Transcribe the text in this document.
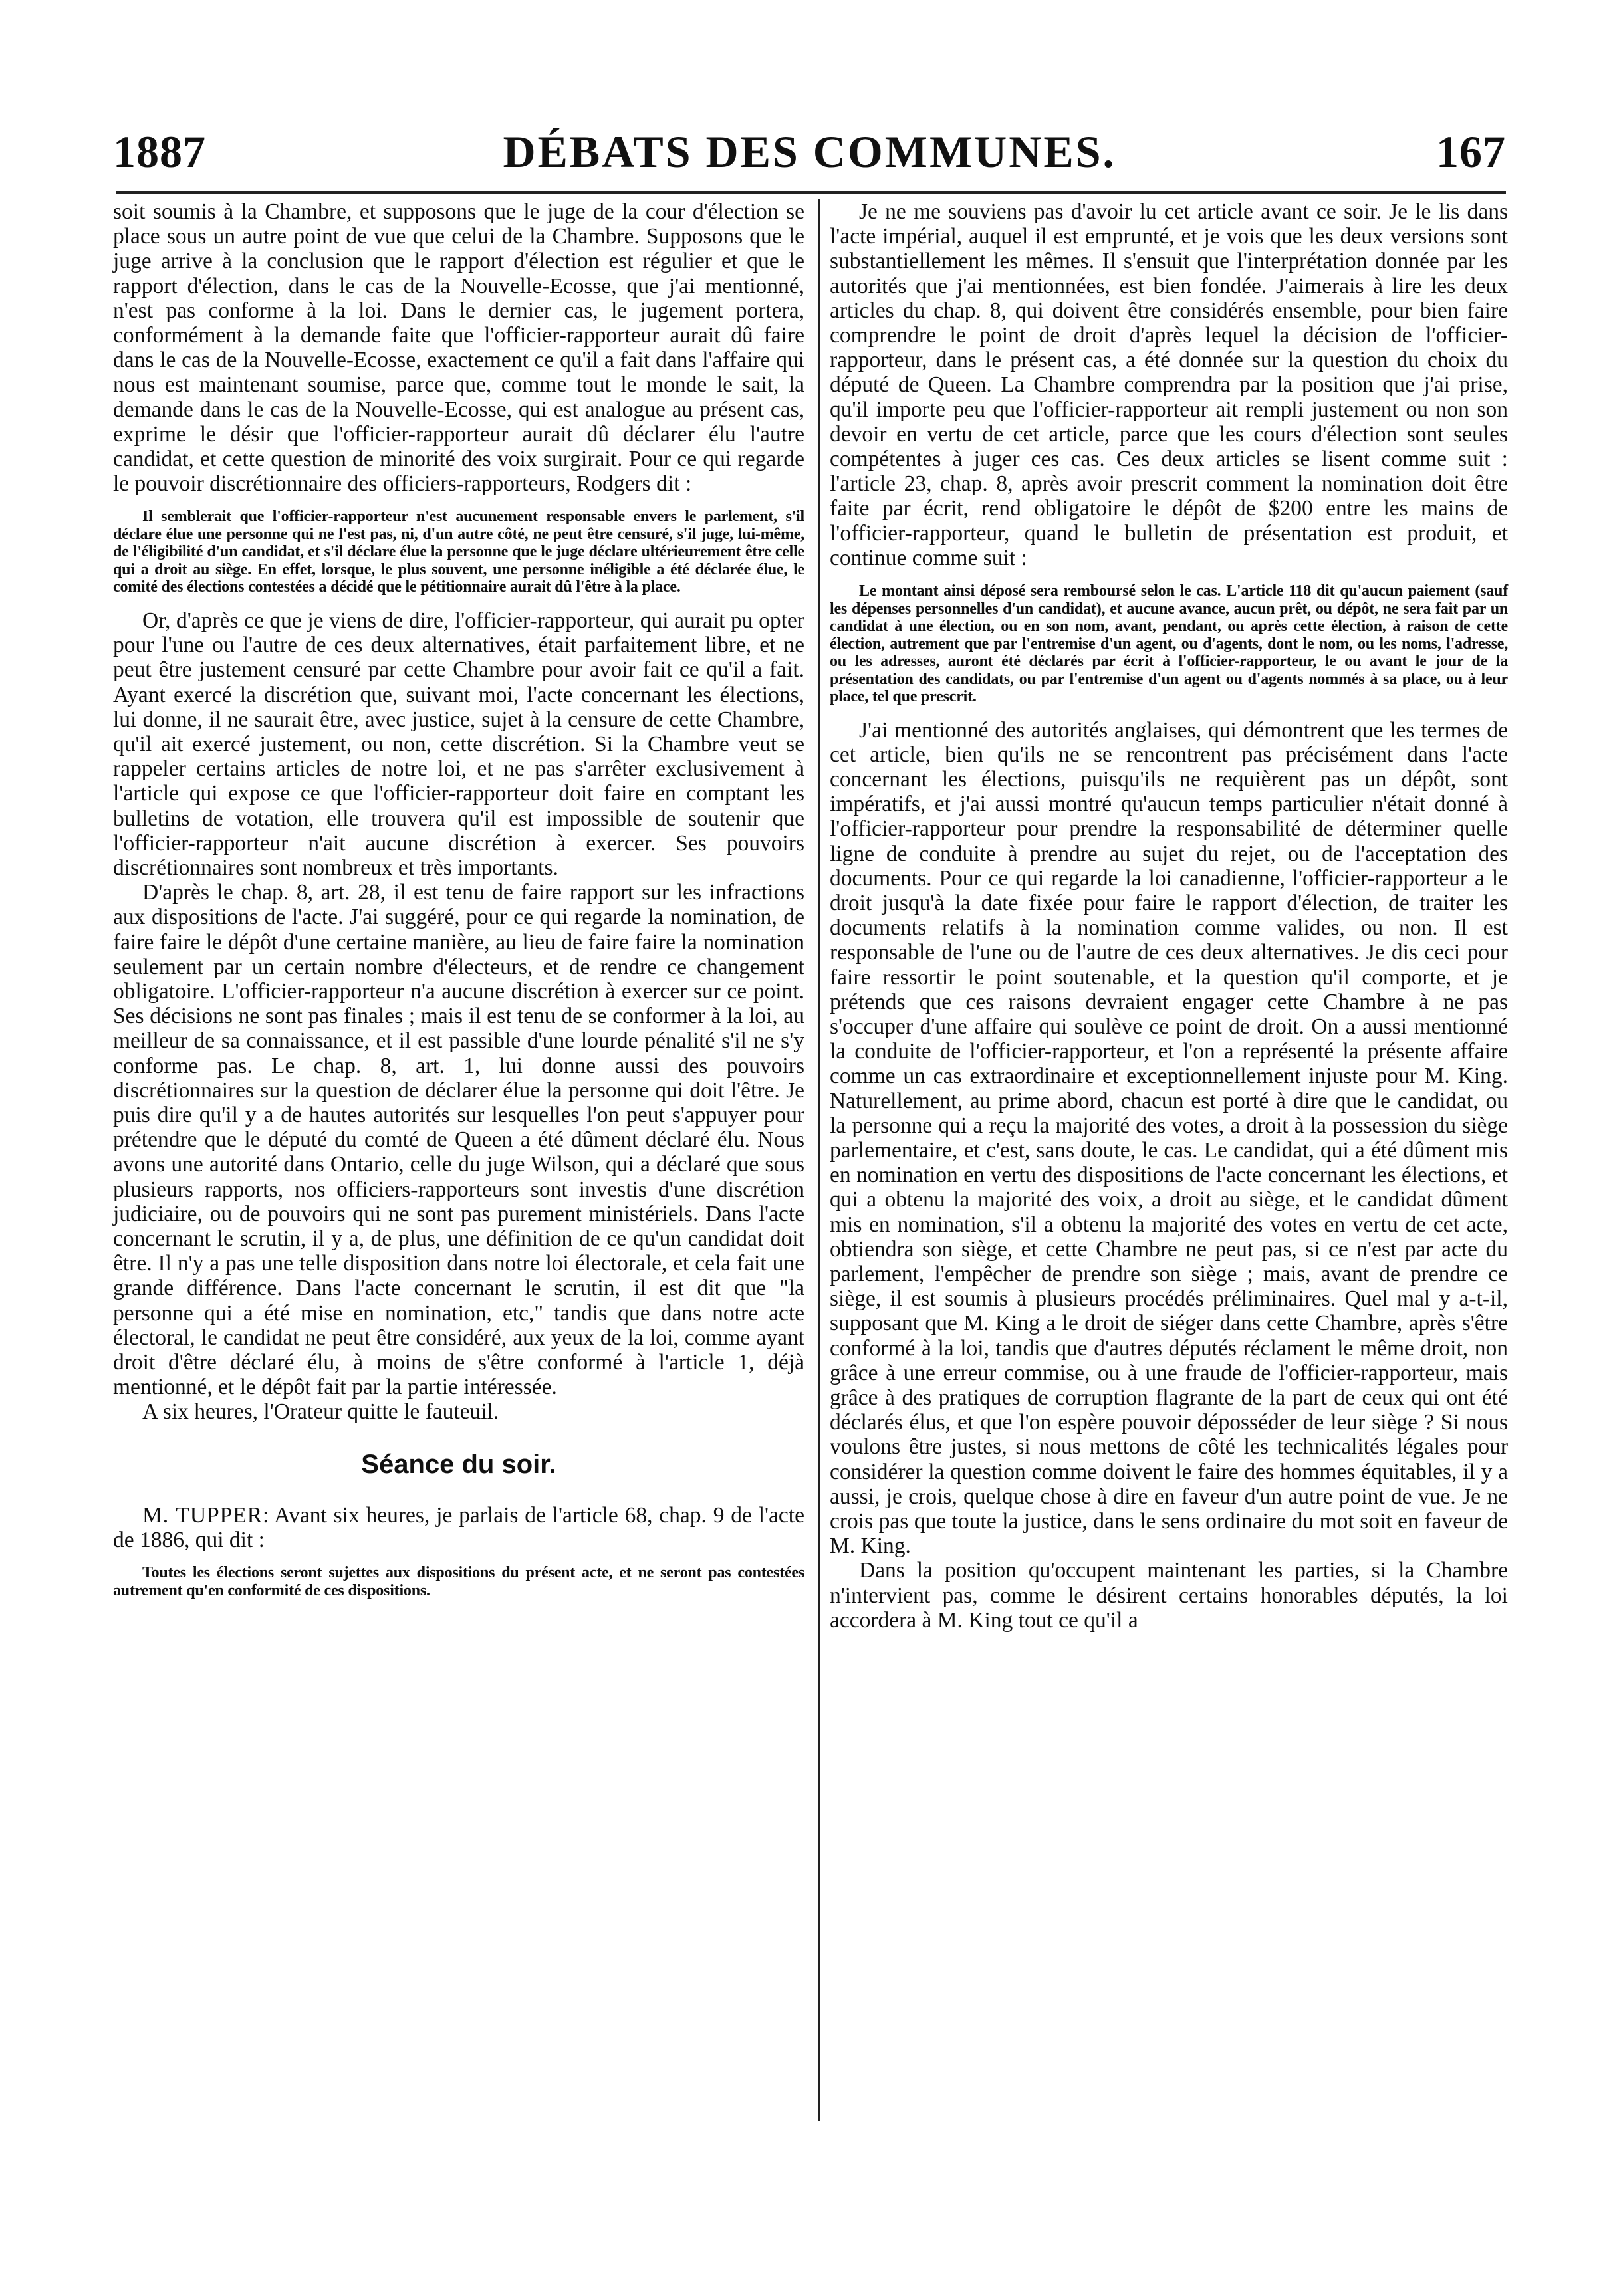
1887	DÉBATS DES COMMUNES.	167

soit soumis à la Chambre, et supposons que le juge de la cour d'élection se place sous un autre point de vue que celui de la Chambre. Supposons que le juge arrive à la conclusion que le rapport d'élection est régulier et que le rapport d'élection, dans le cas de la Nouvelle-Ecosse, que j'ai mentionné, n'est pas conforme à la loi. Dans le dernier cas, le jugement portera, conformément à la demande faite que l'officier-rapporteur aurait dû faire dans le cas de la Nouvelle-Ecosse, exactement ce qu'il a fait dans l'affaire qui nous est maintenant soumise, parce que, comme tout le monde le sait, la demande dans le cas de la Nouvelle-Ecosse, qui est analogue au présent cas, exprime le désir que l'officier-rapporteur aurait dû déclarer élu l'autre candidat, et cette question de minorité des voix surgirait. Pour ce qui regarde le pouvoir discrétionnaire des officiers-rapporteurs, Rodgers dit :

Il semblerait que l'officier-rapporteur n'est aucunement responsable envers le parlement, s'il déclare élue une personne qui ne l'est pas, ni, d'un autre côté, ne peut être censuré, s'il juge, lui-même, de l'éligibilité d'un candidat, et s'il déclare élue la personne que le juge déclare ultérieurement être celle qui a droit au siège. En effet, lorsque, le plus souvent, une personne inéligible a été déclarée élue, le comité des élections contestées a décidé que le pétitionnaire aurait dû l'être à la place.

Or, d'après ce que je viens de dire, l'officier-rapporteur, qui aurait pu opter pour l'une ou l'autre de ces deux alternatives, était parfaitement libre, et ne peut être justement censuré par cette Chambre pour avoir fait ce qu'il a fait. Ayant exercé la discrétion que, suivant moi, l'acte concernant les élections, lui donne, il ne saurait être, avec justice, sujet à la censure de cette Chambre, qu'il ait exercé justement, ou non, cette discrétion. Si la Chambre veut se rappeler certains articles de notre loi, et ne pas s'arrêter exclusivement à l'article qui expose ce que l'officier-rapporteur doit faire en comptant les bulletins de votation, elle trouvera qu'il est impossible de soutenir que l'officier-rapporteur n'ait aucune discrétion à exercer. Ses pouvoirs discrétionnaires sont nombreux et très importants.

D'après le chap. 8, art. 28, il est tenu de faire rapport sur les infractions aux dispositions de l'acte. J'ai suggéré, pour ce qui regarde la nomination, de faire faire le dépôt d'une certaine manière, au lieu de faire faire la nomination seulement par un certain nombre d'électeurs, et de rendre ce changement obligatoire. L'officier-rapporteur n'a aucune discrétion à exercer sur ce point. Ses décisions ne sont pas finales ; mais il est tenu de se conformer à la loi, au meilleur de sa connaissance, et il est passible d'une lourde pénalité s'il ne s'y conforme pas. Le chap. 8, art. 1, lui donne aussi des pouvoirs discrétionnaires sur la question de déclarer élue la personne qui doit l'être. Je puis dire qu'il y a de hautes autorités sur lesquelles l'on peut s'appuyer pour prétendre que le député du comté de Queen a été dûment déclaré élu. Nous avons une autorité dans Ontario, celle du juge Wilson, qui a déclaré que sous plusieurs rapports, nos officiers-rapporteurs sont investis d'une discrétion judiciaire, ou de pouvoirs qui ne sont pas purement ministériels. Dans l'acte concernant le scrutin, il y a, de plus, une définition de ce qu'un candidat doit être. Il n'y a pas une telle disposition dans notre loi électorale, et cela fait une grande différence. Dans l'acte concernant le scrutin, il est dit que "la personne qui a été mise en nomination, etc," tandis que dans notre acte électoral, le candidat ne peut être considéré, aux yeux de la loi, comme ayant droit d'être déclaré élu, à moins de s'être conformé à l'article 1, déjà mentionné, et le dépôt fait par la partie intéressée.

A six heures, l'Orateur quitte le fauteuil.

Séance du soir.

M. TUPPER: Avant six heures, je parlais de l'article 68, chap. 9 de l'acte de 1886, qui dit :

Toutes les élections seront sujettes aux dispositions du présent acte, et ne seront pas contestées autrement qu'en conformité de ces dispositions.

Je ne me souviens pas d'avoir lu cet article avant ce soir. Je le lis dans l'acte impérial, auquel il est emprunté, et je vois que les deux versions sont substantiellement les mêmes. Il s'ensuit que l'interprétation donnée par les autorités que j'ai mentionnées, est bien fondée. J'aimerais à lire les deux articles du chap. 8, qui doivent être considérés ensemble, pour bien faire comprendre le point de droit d'après lequel la décision de l'officier-rapporteur, dans le présent cas, a été donnée sur la question du choix du député de Queen. La Chambre comprendra par la position que j'ai prise, qu'il importe peu que l'officier-rapporteur ait rempli justement ou non son devoir en vertu de cet article, parce que les cours d'élection sont seules compétentes à juger ces cas. Ces deux articles se lisent comme suit : l'article 23, chap. 8, après avoir prescrit comment la nomination doit être faite par écrit, rend obligatoire le dépôt de $200 entre les mains de l'officier-rapporteur, quand le bulletin de présentation est produit, et continue comme suit :

Le montant ainsi déposé sera remboursé selon le cas. L'article 118 dit qu'aucun paiement (sauf les dépenses personnelles d'un candidat), et aucune avance, aucun prêt, ou dépôt, ne sera fait par un candidat à une élection, ou en son nom, avant, pendant, ou après cette élection, à raison de cette élection, autrement que par l'entremise d'un agent, ou d'agents, dont le nom, ou les noms, l'adresse, ou les adresses, auront été déclarés par écrit à l'officier-rapporteur, le ou avant le jour de la présentation des candidats, ou par l'entremise d'un agent ou d'agents nommés à sa place, ou à leur place, tel que prescrit.

J'ai mentionné des autorités anglaises, qui démontrent que les termes de cet article, bien qu'ils ne se rencontrent pas précisément dans l'acte concernant les élections, puisqu'ils ne requièrent pas un dépôt, sont impératifs, et j'ai aussi montré qu'aucun temps particulier n'était donné à l'officier-rapporteur pour prendre la responsabilité de déterminer quelle ligne de conduite à prendre au sujet du rejet, ou de l'acceptation des documents. Pour ce qui regarde la loi canadienne, l'officier-rapporteur a le droit jusqu'à la date fixée pour faire le rapport d'élection, de traiter les documents relatifs à la nomination comme valides, ou non. Il est responsable de l'une ou de l'autre de ces deux alternatives. Je dis ceci pour faire ressortir le point soutenable, et la question qu'il comporte, et je prétends que ces raisons devraient engager cette Chambre à ne pas s'occuper d'une affaire qui soulève ce point de droit. On a aussi mentionné la conduite de l'officier-rapporteur, et l'on a représenté la présente affaire comme un cas extraordinaire et exceptionnellement injuste pour M. King. Naturellement, au prime abord, chacun est porté à dire que le candidat, ou la personne qui a reçu la majorité des votes, a droit à la possession du siège parlementaire, et c'est, sans doute, le cas. Le candidat, qui a été dûment mis en nomination en vertu des dispositions de l'acte concernant les élections, et qui a obtenu la majorité des voix, a droit au siège, et le candidat dûment mis en nomination, s'il a obtenu la majorité des votes en vertu de cet acte, obtiendra son siège, et cette Chambre ne peut pas, si ce n'est par acte du parlement, l'empêcher de prendre son siège ; mais, avant de prendre ce siège, il est soumis à plusieurs procédés préliminaires. Quel mal y a-t-il, supposant que M. King a le droit de siéger dans cette Chambre, après s'être conformé à la loi, tandis que d'autres députés réclament le même droit, non grâce à une erreur commise, ou à une fraude de l'officier-rapporteur, mais grâce à des pratiques de corruption flagrante de la part de ceux qui ont été déclarés élus, et que l'on espère pouvoir déposséder de leur siège ? Si nous voulons être justes, si nous mettons de côté les technicalités légales pour considérer la question comme doivent le faire des hommes équitables, il y a aussi, je crois, quelque chose à dire en faveur d'un autre point de vue. Je ne crois pas que toute la justice, dans le sens ordinaire du mot soit en faveur de M. King.

Dans la position qu'occupent maintenant les parties, si la Chambre n'intervient pas, comme le désirent certains honorables députés, la loi accordera à M. King tout ce qu'il a
